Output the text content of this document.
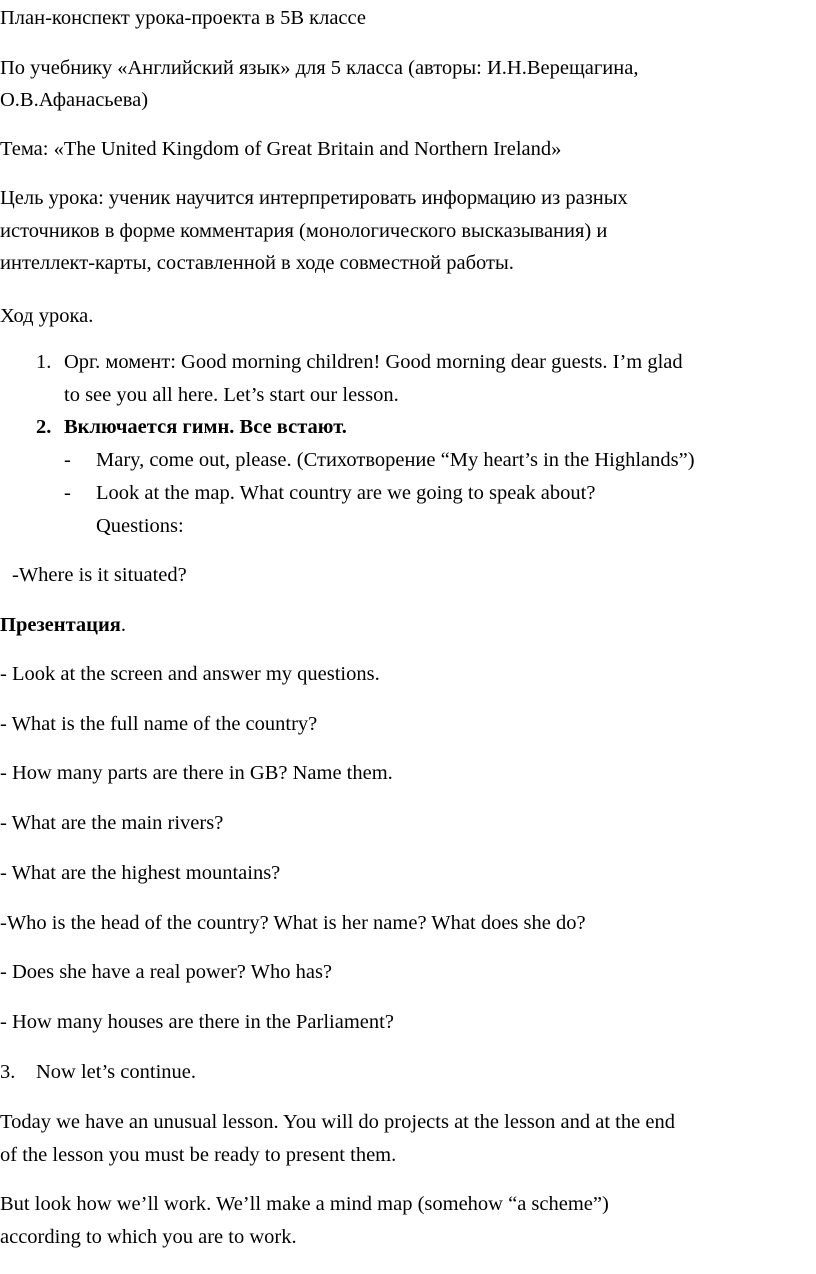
План-конспект урока-проекта в 5В классе

По учебнику «Английский язык» для 5 класса (авторы: И.Н.Верещагина,

О.В.Афанасьева)

Тема: «The United Kingdom of Great Britain and Northern Ireland»

Цель урока: ученик научится интерпретировать информацию из разных

источников в форме комментария (монологического высказывания) и

интеллект-карты, составленной в ходе совместной работы.

Ход урока.

1. Орг. момент: Good morning children! Good morning dear guests. I’m glad

to see you all here. Let’s start our lesson.

2. Включается гимн. Все встают.

- Mary, come out, please. (Стихотворение “My heart’s in the Highlands”)

- Look at the map. What country are we going to speak about?

Questions:

-Where is it situated?

Презентация.

- Look at the screen and answer my questions.

- What is the full name of the country?

- How many parts are there in GB? Name them.

- What are the main rivers?

- What are the highest mountains?

-Who is the head of the country? What is her name? What does she do?

- Does she have a real power? Who has?

- How many houses are there in the Parliament?

3. Now let’s continue.

Today we have an unusual lesson. You will do projects at the lesson and at the end

of the lesson you must be ready to present them.

But look how we’ll work. We’ll make a mind map (somehow “a scheme”)

according to which you are to work.
